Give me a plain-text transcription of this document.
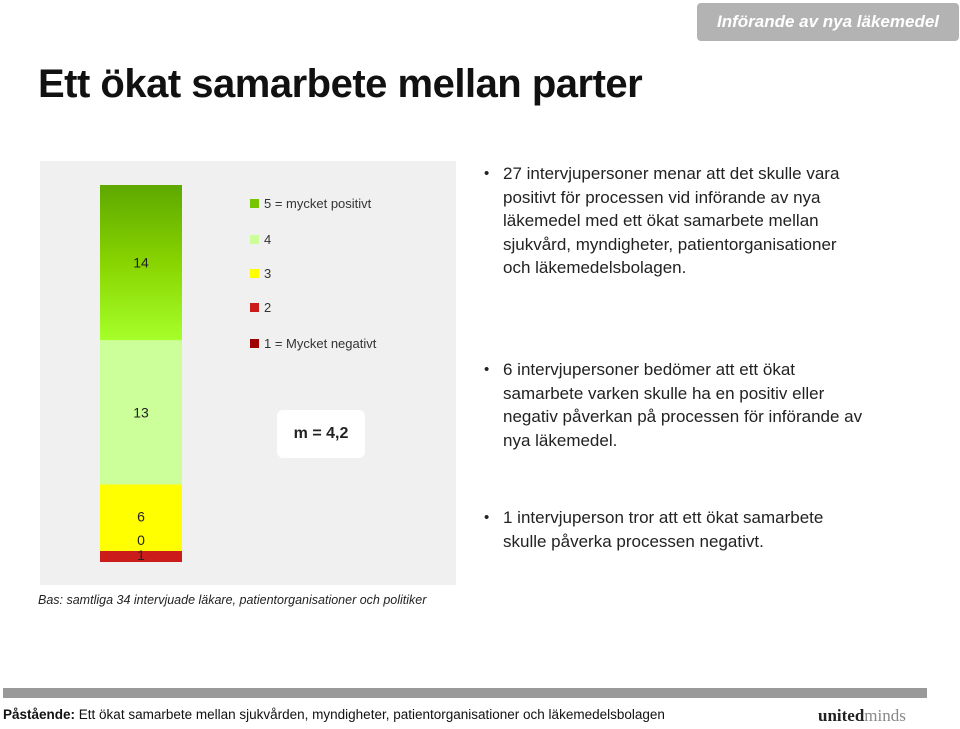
Införande av nya läkemedel
Ett ökat samarbete mellan parter
1
0
6
13
14
5 = mycket positivt
4
3
2
1 = Mycket negativt
m = 4,2
• 27 intervjupersoner menar att det skulle vara positivt för processen vid införande av nya läkemedel med ett ökat samarbete mellan sjukvård, myndigheter, patientorganisationer och läkemedelsbolagen.
• 6 intervjupersoner bedömer att ett ökat samarbete varken skulle ha en positiv eller negativ påverkan på processen för införande av nya läkemedel.
• 1 intervjuperson tror att ett ökat samarbete skulle påverka processen negativt.
Bas: samtliga 34 intervjuade läkare, patientorganisationer och politiker
Påstående: Ett ökat samarbete mellan sjukvården, myndigheter, patientorganisationer och läkemedelsbolagen	unitedminds
